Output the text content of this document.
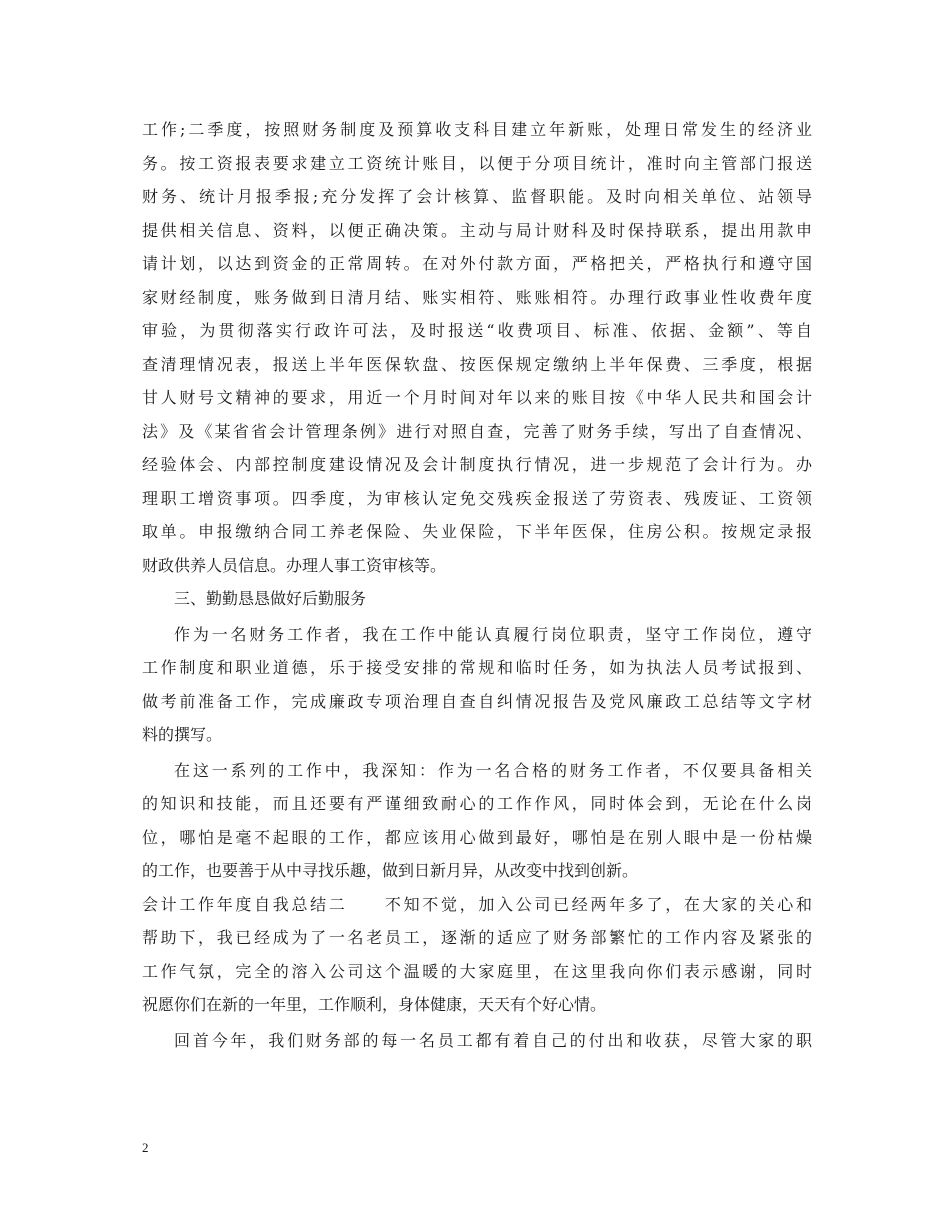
工作;二季度，按照财务制度及预算收支科目建立年新账，处理日常发生的经济业
务。按工资报表要求建立工资统计账目，以便于分项目统计，准时向主管部门报送
财务、统计月报季报;充分发挥了会计核算、监督职能。及时向相关单位、站领导
提供相关信息、资料，以便正确决策。主动与局计财科及时保持联系，提出用款申
请计划，以达到资金的正常周转。在对外付款方面，严格把关，严格执行和遵守国
家财经制度，账务做到日清月结、账实相符、账账相符。办理行政事业性收费年度
审验，为贯彻落实行政许可法，及时报送“收费项目、标准、依据、金额”、等自
查清理情况表，报送上半年医保软盘、按医保规定缴纳上半年保费、三季度，根据
甘人财号文精神的要求，用近一个月时间对年以来的账目按《中华人民共和国会计
法》及《某省省会计管理条例》进行对照自查，完善了财务手续，写出了自查情况、
经验体会、内部控制度建设情况及会计制度执行情况，进一步规范了会计行为。办
理职工增资事项。四季度，为审核认定免交残疾金报送了劳资表、残废证、工资领
取单。申报缴纳合同工养老保险、失业保险，下半年医保，住房公积。按规定录报
财政供养人员信息。办理人事工资审核等。
三、勤勤恳恳做好后勤服务
作为一名财务工作者，我在工作中能认真履行岗位职责，坚守工作岗位，遵守
工作制度和职业道德，乐于接受安排的常规和临时任务，如为执法人员考试报到、
做考前准备工作，完成廉政专项治理自查自纠情况报告及党风廉政工总结等文字材
料的撰写。
在这一系列的工作中，我深知：作为一名合格的财务工作者，不仅要具备相关
的知识和技能，而且还要有严谨细致耐心的工作作风，同时体会到，无论在什么岗
位，哪怕是毫不起眼的工作，都应该用心做到最好，哪怕是在别人眼中是一份枯燥
的工作，也要善于从中寻找乐趣，做到日新月异，从改变中找到创新。
会计工作年度自我总结二　　不知不觉，加入公司已经两年多了，在大家的关心和
帮助下，我已经成为了一名老员工，逐渐的适应了财务部繁忙的工作内容及紧张的
工作气氛，完全的溶入公司这个温暖的大家庭里，在这里我向你们表示感谢，同时
祝愿你们在新的一年里，工作顺利，身体健康，天天有个好心情。
回首今年，我们财务部的每一名员工都有着自己的付出和收获，尽管大家的职
2
